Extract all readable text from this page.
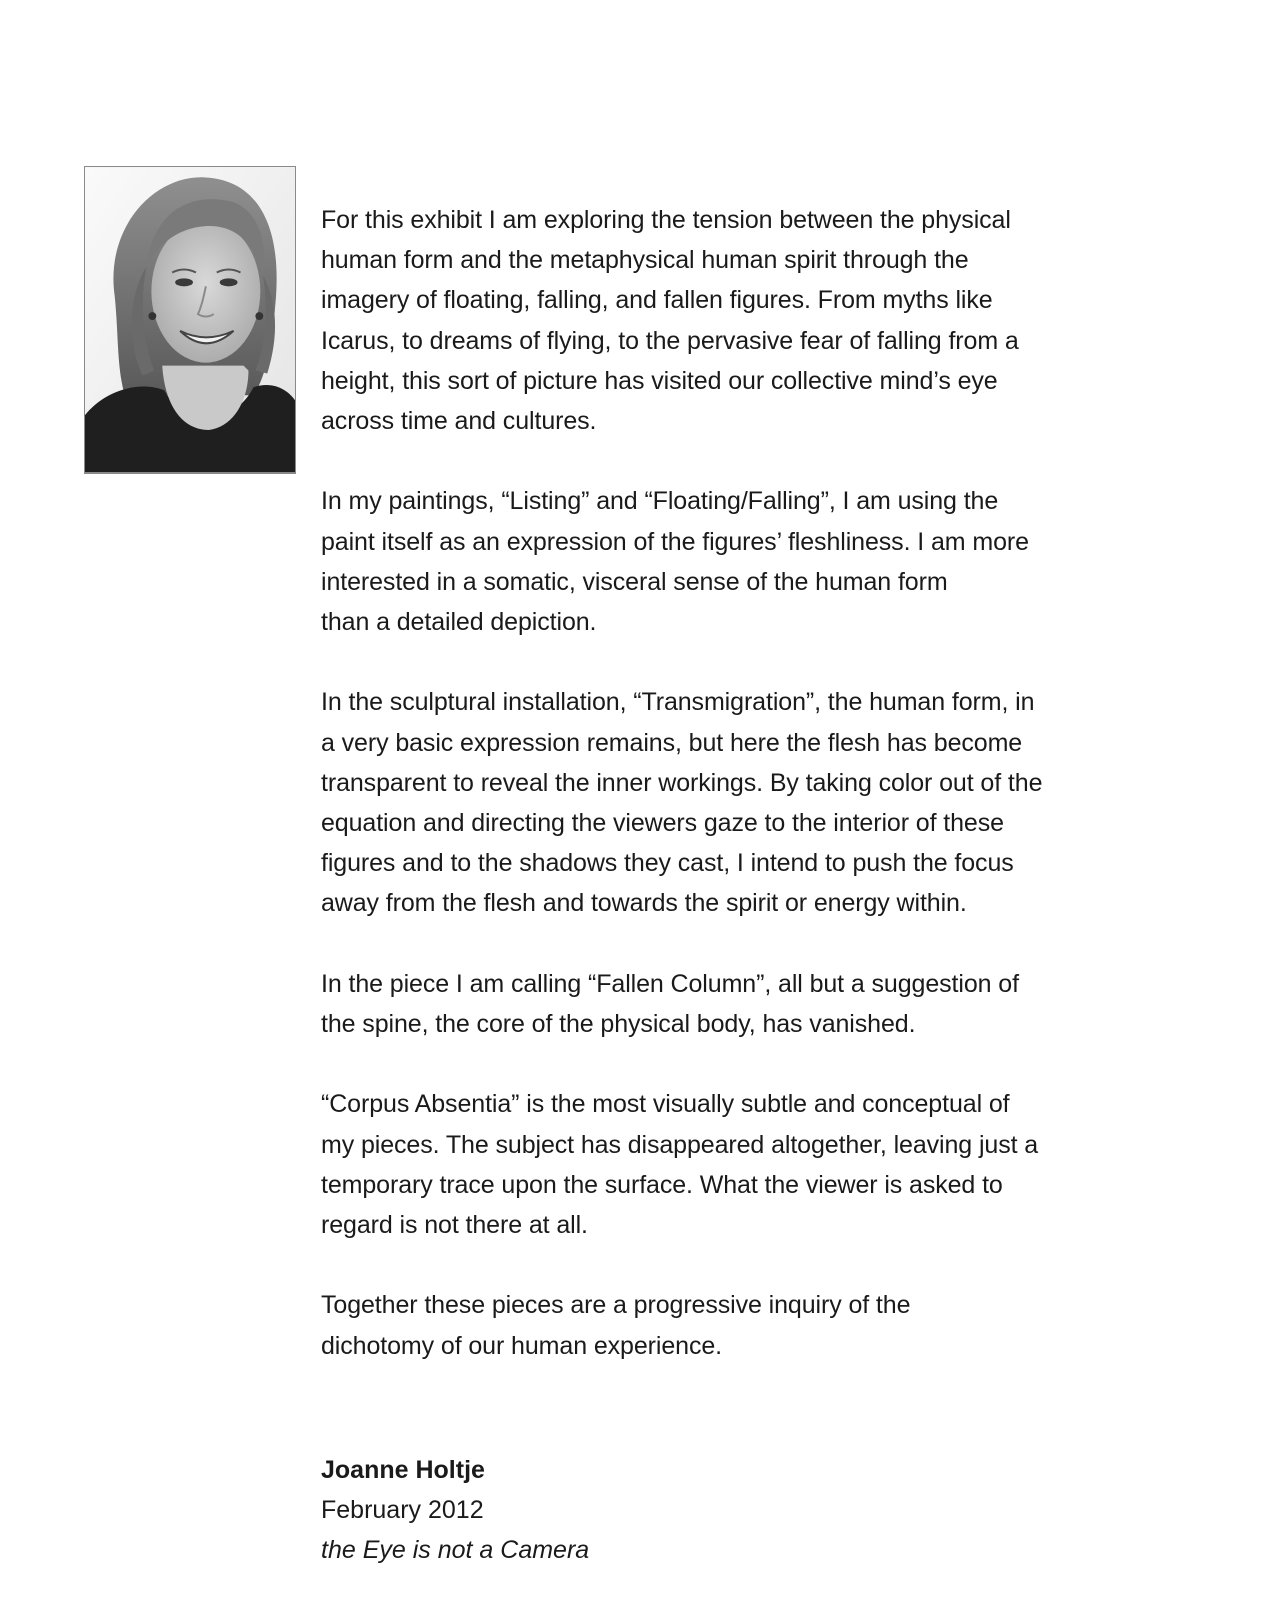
For this exhibit I am exploring the tension between the physical
human form and the metaphysical human spirit through the
imagery of floating, falling, and fallen figures. From myths like
Icarus, to dreams of flying, to the pervasive fear of falling from a
height, this sort of picture has visited our collective mind’s eye
across time and cultures.

In my paintings, “Listing” and “Floating/Falling”, I am using the
paint itself as an expression of the figures’ fleshliness. I am more
interested in a somatic, visceral sense of the human form
than a detailed depiction.

In the sculptural installation, “Transmigration”, the human form, in
a very basic expression remains, but here the flesh has become
transparent to reveal the inner workings. By taking color out of the
equation and directing the viewers gaze to the interior of these
figures and to the shadows they cast, I intend to push the focus
away from the flesh and towards the spirit or energy within.

In the piece I am calling “Fallen Column”, all but a suggestion of
the spine, the core of the physical body, has vanished.

“Corpus Absentia” is the most visually subtle and conceptual of
my pieces. The subject has disappeared altogether, leaving just a
temporary trace upon the surface. What the viewer is asked to
regard is not there at all.

Together these pieces are a progressive inquiry of the
dichotomy of our human experience.

Joanne Holtje
February 2012
the Eye is not a Camera
